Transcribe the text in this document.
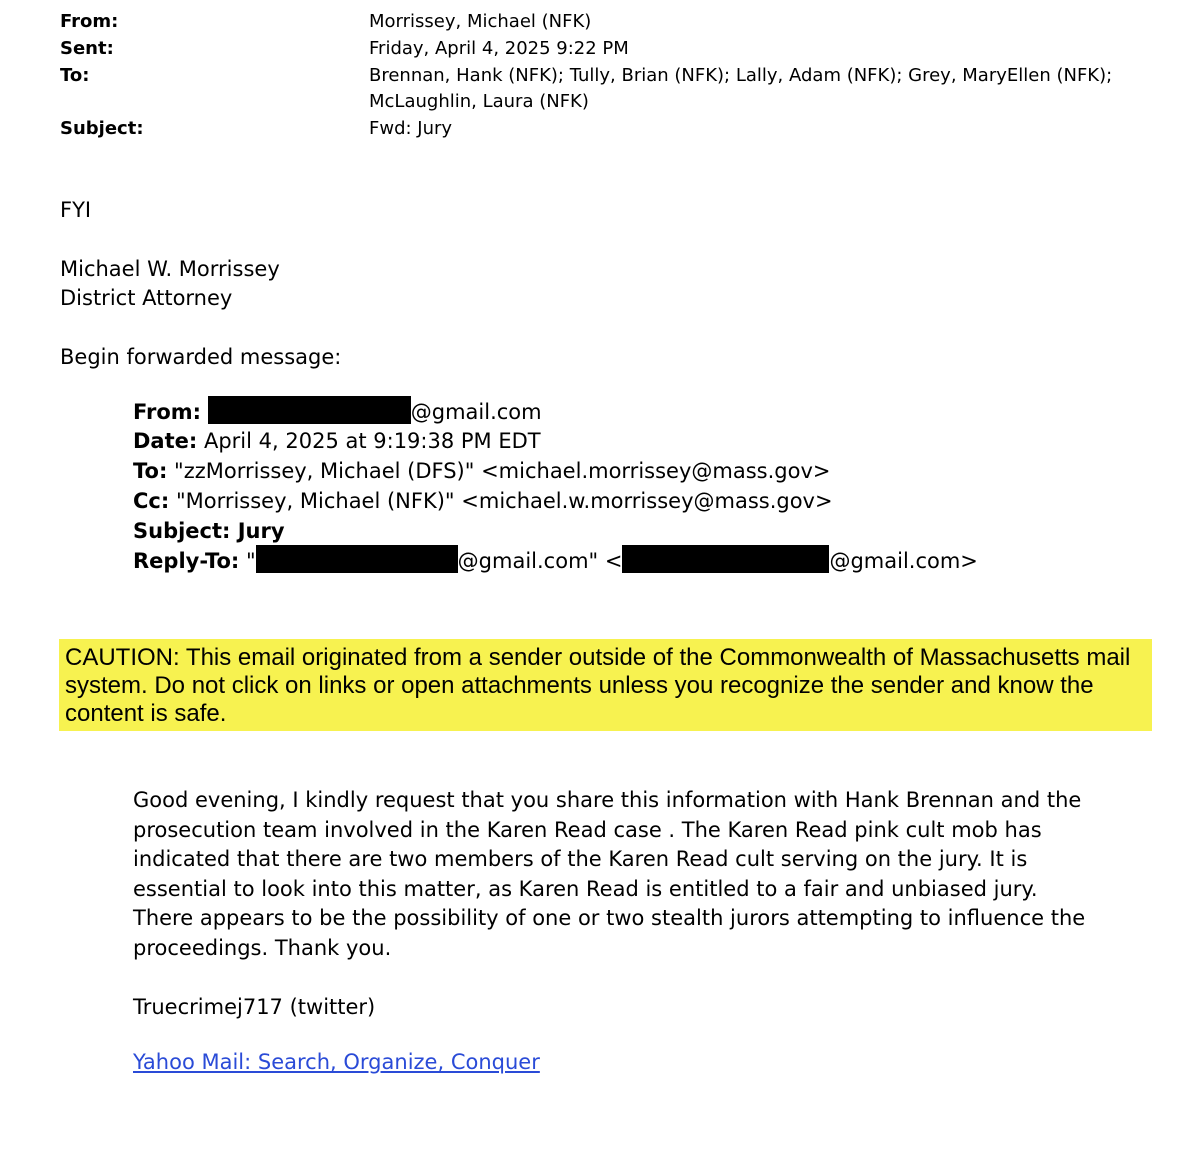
From:	Morrissey, Michael (NFK)
Sent:	Friday, April 4, 2025 9:22 PM
To:	Brennan, Hank (NFK); Tully, Brian (NFK); Lally, Adam (NFK); Grey, MaryEllen (NFK);
McLaughlin, Laura (NFK)
Subject:	Fwd: Jury
FYI
Michael W. Morrissey
District Attorney
Begin forwarded message:
From:	@gmail.com
Date: April 4, 2025 at 9:19:38 PM EDT
To: "zzMorrissey, Michael (DFS)" <michael.morrissey@mass.gov>
Cc: "Morrissey, Michael (NFK)" <michael.w.morrissey@mass.gov>
Subject: Jury
Reply-To: "	@gmail.com" <	@gmail.com>
CAUTION: This email originated from a sender outside of the Commonwealth of Massachusetts mail
system. Do not click on links or open attachments unless you recognize the sender and know the
content is safe.
Good evening, I kindly request that you share this information with Hank Brennan and the
prosecution team involved in the Karen Read case . The Karen Read pink cult mob has
indicated that there are two members of the Karen Read cult serving on the jury. It is
essential to look into this matter, as Karen Read is entitled to a fair and unbiased jury.
There appears to be the possibility of one or two stealth jurors attempting to influence the
proceedings. Thank you.
Truecrimej717 (twitter)
Yahoo Mail: Search, Organize, Conquer
